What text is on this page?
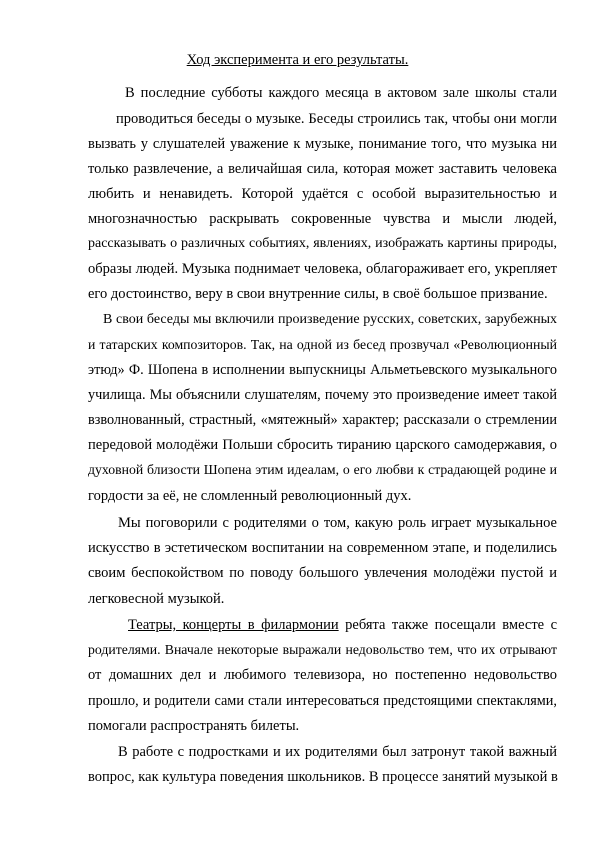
Ход эксперимента и его результаты.
В последние субботы каждого месяца в актовом зале школы стали
проводиться беседы о музыке. Беседы строились так, чтобы они могли
вызвать у слушателей уважение к музыке, понимание того, что музыка ни
только развлечение, а величайшая сила, которая может заставить человека
любить и ненавидеть. Которой удаётся с особой выразительностью и
многозначностью раскрывать сокровенные чувства и мысли людей,
рассказывать о различных событиях, явлениях, изображать картины природы,
образы людей. Музыка поднимает человека, облагораживает его, укрепляет
его достоинство, веру в свои внутренние силы, в своё большое призвание.
В свои беседы мы включили произведение русских, советских, зарубежных
и татарских композиторов. Так, на одной из бесед прозвучал «Революционный
этюд» Ф. Шопена в исполнении выпускницы Альметьевского музыкального
училища. Мы объяснили слушателям, почему это произведение имеет такой
взволнованный, страстный, «мятежный» характер; рассказали о стремлении
передовой молодёжи Польши сбросить тиранию царского самодержавия, о
духовной близости Шопена этим идеалам, о его любви к страдающей родине и
гордости за её, не сломленный революционный дух.
Мы поговорили с родителями о том, какую роль играет музыкальное
искусство в эстетическом воспитании на современном этапе, и поделились
своим беспокойством по поводу большого увлечения молодёжи пустой и
легковесной музыкой.
Театры, концерты в филармонии ребята также посещали вместе с
родителями. Вначале некоторые выражали недовольство тем, что их отрывают
от домашних дел и любимого телевизора, но постепенно недовольство
прошло, и родители сами стали интересоваться предстоящими спектаклями,
помогали распространять билеты.
В работе с подростками и их родителями был затронут такой важный
вопрос, как культура поведения школьников. В процессе занятий музыкой в
